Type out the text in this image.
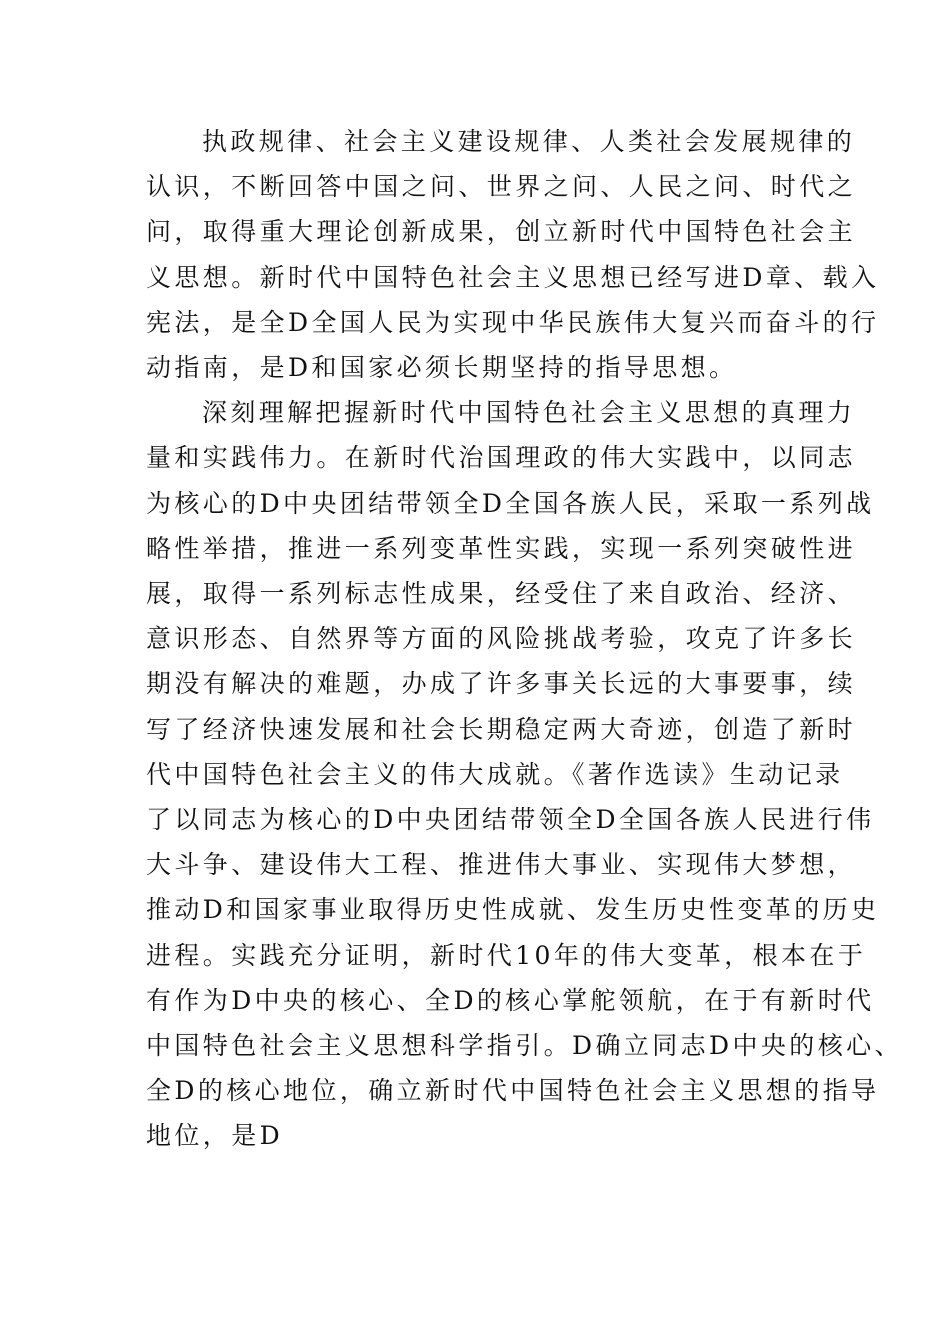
执政规律、社会主义建设规律、人类社会发展规律的
认识，不断回答中国之问、世界之问、人民之问、时代之
问，取得重大理论创新成果，创立新时代中国特色社会主
义思想。新时代中国特色社会主义思想已经写进D章、载入
宪法，是全D全国人民为实现中华民族伟大复兴而奋斗的行
动指南，是D和国家必须长期坚持的指导思想。

深刻理解把握新时代中国特色社会主义思想的真理力
量和实践伟力。在新时代治国理政的伟大实践中，以同志
为核心的D中央团结带领全D全国各族人民，采取一系列战
略性举措，推进一系列变革性实践，实现一系列突破性进
展，取得一系列标志性成果，经受住了来自政治、经济、
意识形态、自然界等方面的风险挑战考验，攻克了许多长
期没有解决的难题，办成了许多事关长远的大事要事，续
写了经济快速发展和社会长期稳定两大奇迹，创造了新时
代中国特色社会主义的伟大成就。《著作选读》生动记录
了以同志为核心的D中央团结带领全D全国各族人民进行伟
大斗争、建设伟大工程、推进伟大事业、实现伟大梦想，
推动D和国家事业取得历史性成就、发生历史性变革的历史
进程。实践充分证明，新时代10年的伟大变革，根本在于
有作为D中央的核心、全D的核心掌舵领航，在于有新时代
中国特色社会主义思想科学指引。D确立同志D中央的核心、
全D的核心地位，确立新时代中国特色社会主义思想的指导
地位，是D
